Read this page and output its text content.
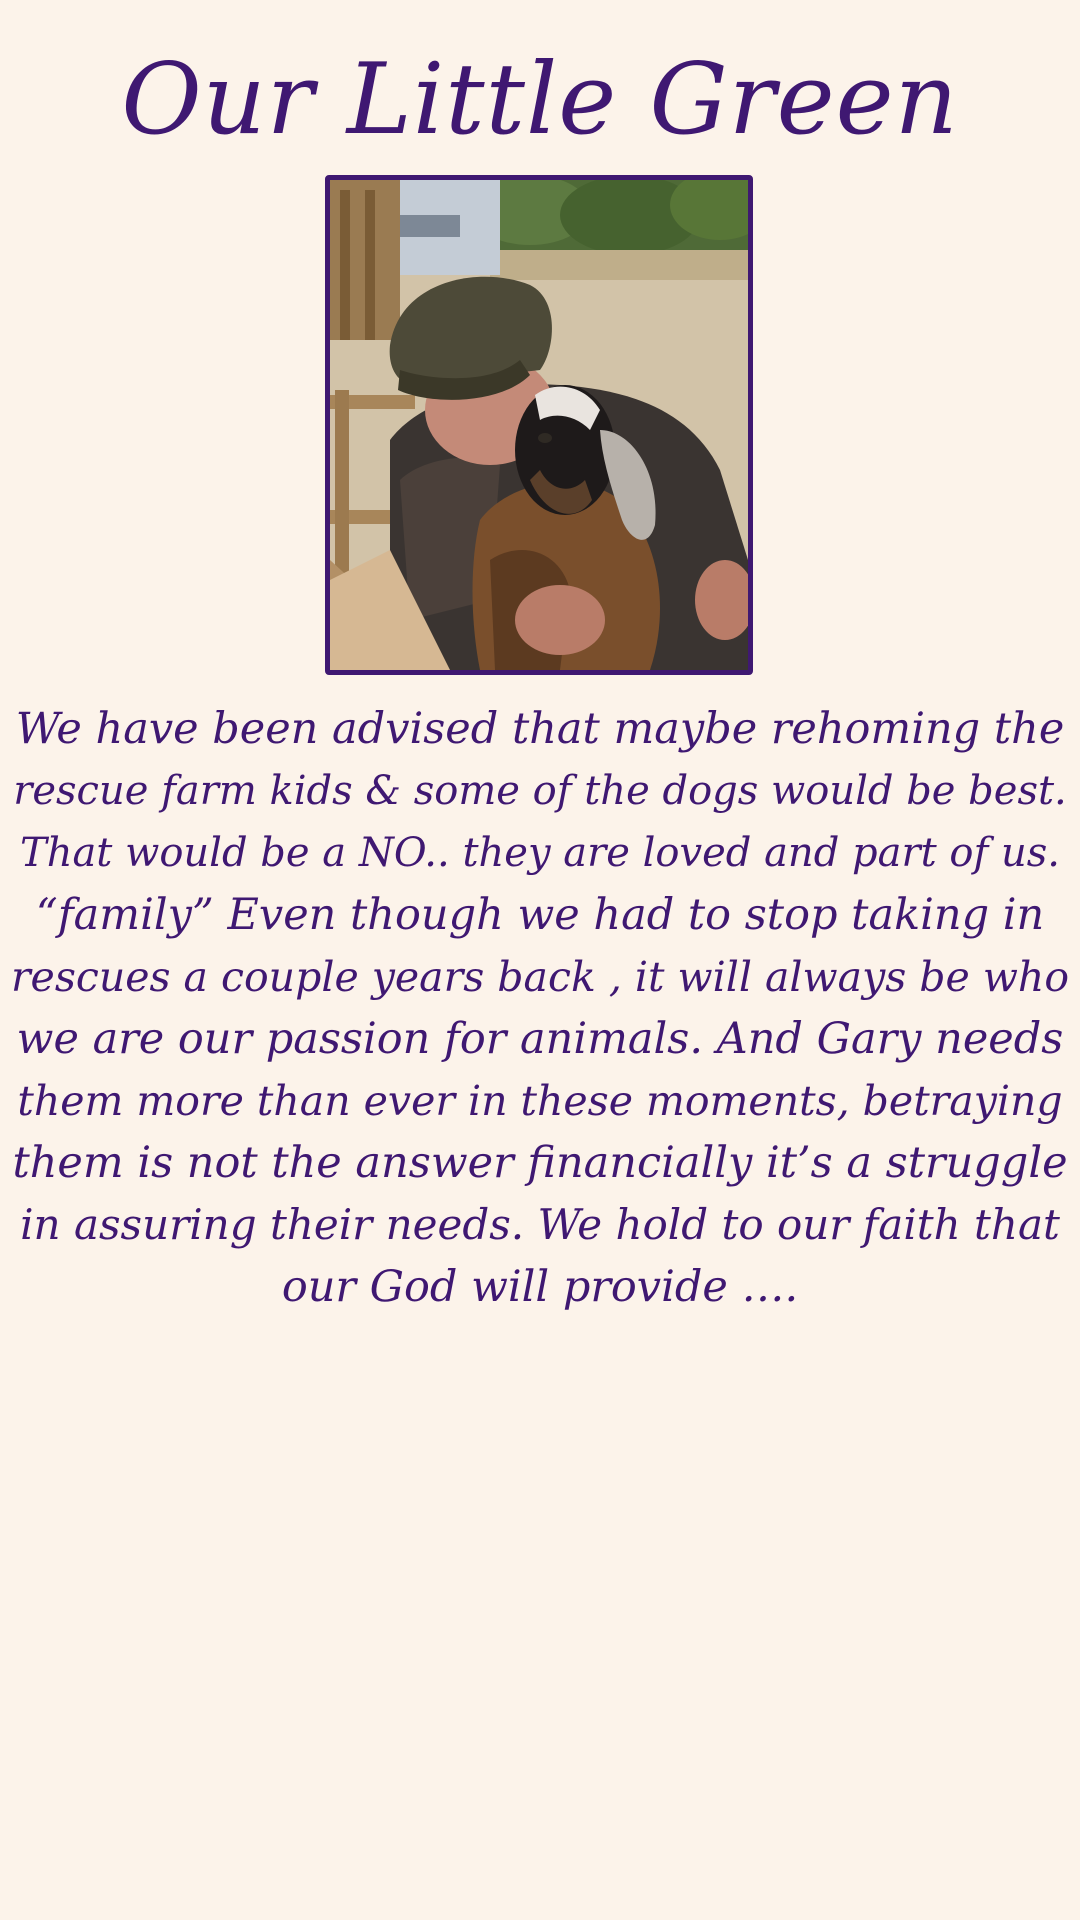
Our Little Green

We have been advised that maybe rehoming the
rescue farm kids & some of the dogs would be best.
That would be a NO.. they are loved and part of us.
“family” Even though we had to stop taking in
rescues a couple years back , it will always be who
we are our passion for animals. And Gary needs
them more than ever in these moments, betraying
them is not the answer financially it’s a struggle
in assuring their needs. We hold to our faith that
our God will provide ….
